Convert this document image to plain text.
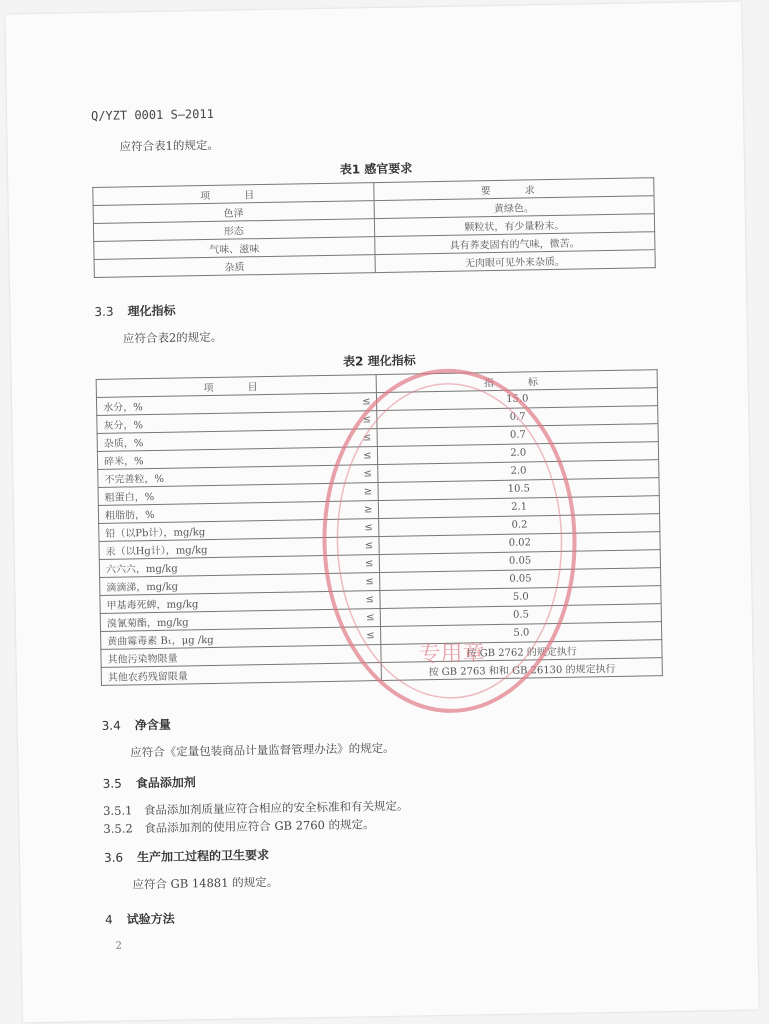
Q/YZT 0001 S—2011
应符合表1的规定。
表1 感官要求
项　目	要　求
色泽	黄绿色。
形态	颗粒状，有少量粉末。
气味、滋味	具有荞麦固有的气味，微苦。
杂质	无肉眼可见外来杂质。
3.3 理化指标
应符合表2的规定。
表2 理化指标
项　目		指　标
水分，%	≤	15.0
灰分，%	≤	0.7
杂质，%	≤	0.7
碎米，%	≤	2.0
不完善粒，%	≤	2.0
粗蛋白，%	≥	10.5
粗脂肪，%	≥	2.1
铅（以Pb计），mg/kg	≤	0.2
汞（以Hg计），mg/kg	≤	0.02
六六六，mg/kg	≤	0.05
滴滴涕，mg/kg	≤	0.05
甲基毒死蜱，mg/kg	≤	5.0
溴氰菊酯，mg/kg	≤	0.5
黄曲霉毒素 B₁，μg /kg	≤	5.0
其他污染物限量		按 GB 2762 的规定执行
其他农药残留限量		按 GB 2763 和和 GB 26130 的规定执行
3.4 净含量
应符合《定量包装商品计量监督管理办法》的规定。
3.5 食品添加剂
3.5.1　食品添加剂质量应符合相应的安全标准和有关规定。
3.5.2　食品添加剂的使用应符合 GB 2760 的规定。
3.6 生产加工过程的卫生要求
应符合 GB 14881 的规定。
4 试验方法
2
专用章
